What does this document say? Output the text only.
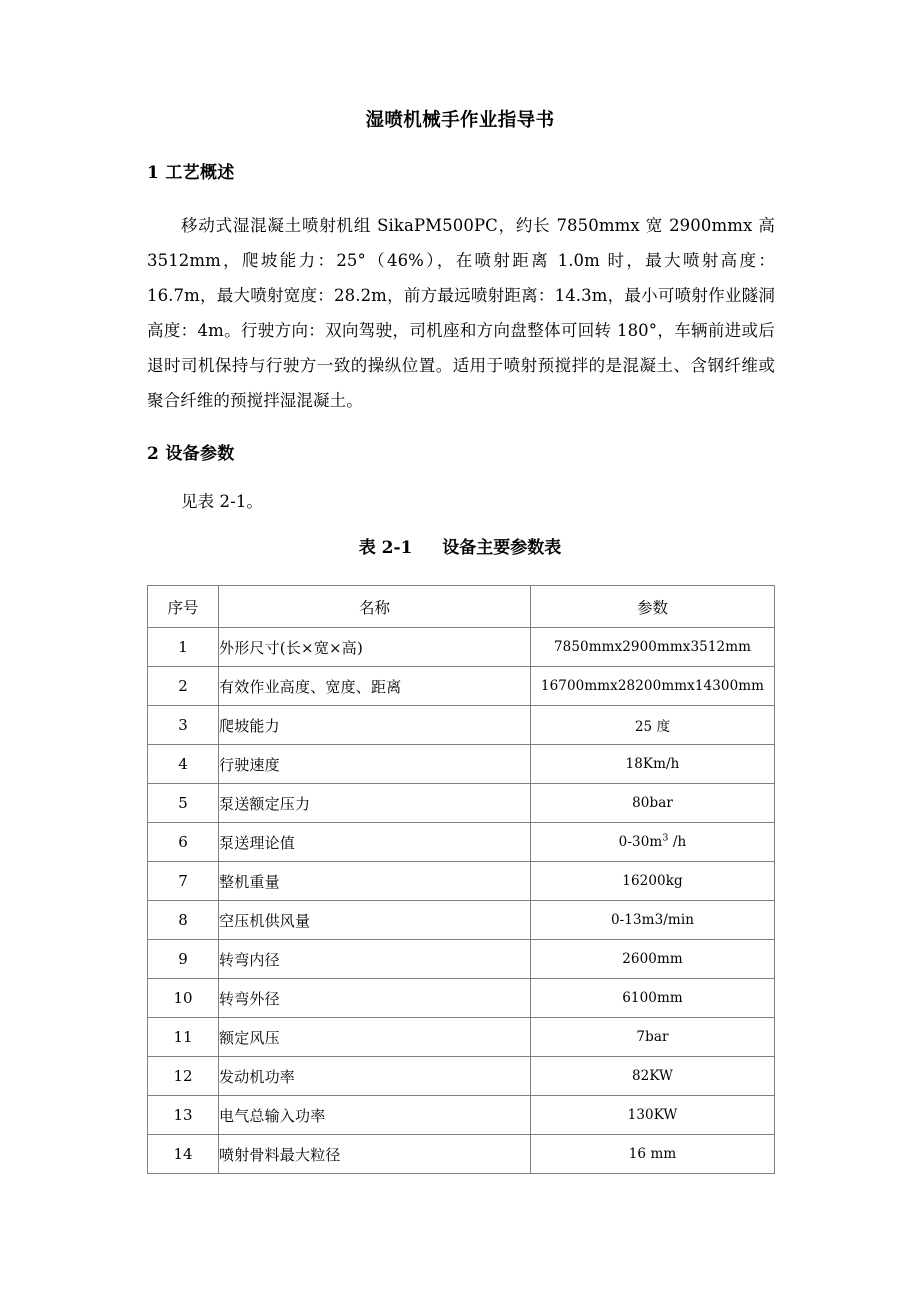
湿喷机械手作业指导书
1 工艺概述
移动式湿混凝土喷射机组 SikaPM500PC，约长 7850mmx 宽 2900mmx 高 3512mm，爬坡能力：25°（46%），在喷射距离 1.0m 时，最大喷射高度：16.7m，最大喷射宽度：28.2m，前方最远喷射距离：14.3m，最小可喷射作业隧洞高度：4m。行驶方向：双向驾驶，司机座和方向盘整体可回转 180°，车辆前进或后退时司机保持与行驶方一致的操纵位置。适用于喷射预搅拌的是混凝土、含钢纤维或聚合纤维的预搅拌湿混凝土。
2 设备参数
见表 2-1。
表 2-1 设备主要参数表
序号	名称	参数
1	外形尺寸(长×宽×高)	7850mmx2900mmx3512mm
2	有效作业高度、宽度、距离	16700mmx28200mmx14300mm
3	爬坡能力	25 度
4	行驶速度	18Km/h
5	泵送额定压力	80bar
6	泵送理论值	$0-30m^3$ /h
7	整机重量	16200kg
8	空压机供风量	0-13m3/min
9	转弯内径	2600mm
10	转弯外径	6100mm
11	额定风压	7bar
12	发动机功率	82KW
13	电气总输入功率	130KW
14	喷射骨料最大粒径	16 mm
